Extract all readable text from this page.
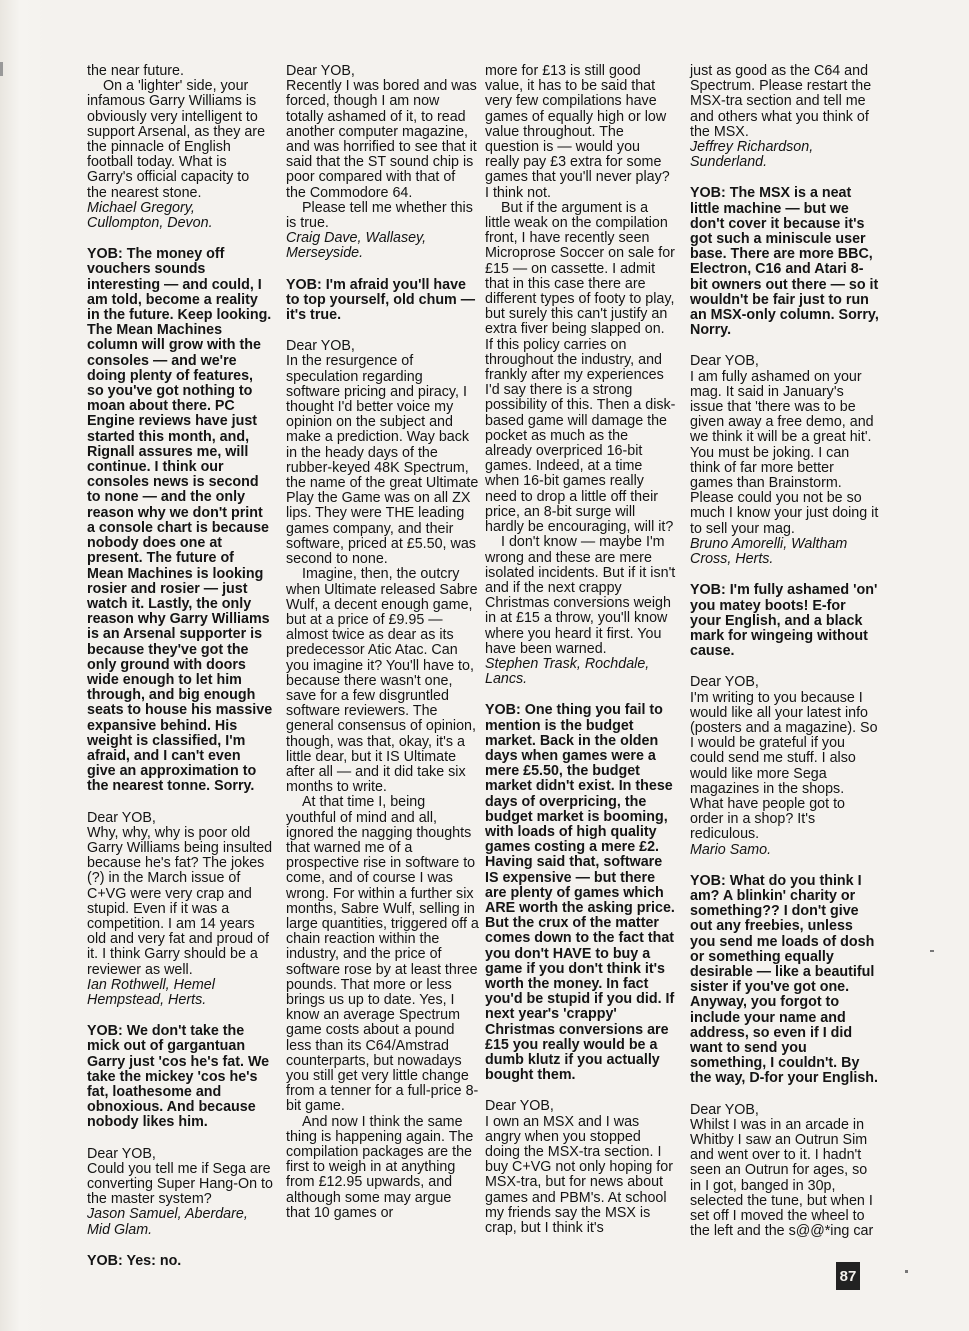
the near future.

On a 'lighter' side, your infamous Garry Williams is obviously very intelligent to support Arsenal, as they are the pinnacle of English football today. What is Garry's official capacity to the nearest stone.

Michael Gregory, Cullompton, Devon.

YOB: The money off vouchers sounds interesting — and could, I am told, become a reality in the future. Keep looking. The Mean Machines column will grow with the consoles — and we're doing plenty of features, so you've got nothing to moan about there. PC Engine reviews have just started this month, and, Rignall assures me, will continue. I think our consoles news is second to none — and the only reason why we don't print a console chart is because nobody does one at present. The future of Mean Machines is looking rosier and rosier — just watch it. Lastly, the only reason why Garry Williams is an Arsenal supporter is because they've got the only ground with doors wide enough to let him through, and big enough seats to house his massive expansive behind. His weight is classified, I'm afraid, and I can't even give an approximation to the nearest tonne. Sorry.

Dear YOB,

Why, why, why is poor old Garry Williams being insulted because he's fat? The jokes (?) in the March issue of C+VG were very crap and stupid. Even if it was a competition. I am 14 years old and very fat and proud of it. I think Garry should be a reviewer as well.

Ian Rothwell, Hemel Hempstead, Herts.

YOB: We don't take the mick out of gargantuan Garry just 'cos he's fat. We take the mickey 'cos he's fat, loathesome and obnoxious. And because nobody likes him.

Dear YOB,

Could you tell me if Sega are converting Super Hang-On to the master system?

Jason Samuel, Aberdare, Mid Glam.

YOB: Yes: no.

Dear YOB,

Recently I was bored and was forced, though I am now totally ashamed of it, to read another computer magazine, and was horrified to see that it said that the ST sound chip is poor compared with that of the Commodore 64.

Please tell me whether this is true.

Craig Dave, Wallasey, Merseyside.

YOB: I'm afraid you'll have to top yourself, old chum — it's true.

Dear YOB,

In the resurgence of speculation regarding software pricing and piracy, I thought I'd better voice my opinion on the subject and make a prediction. Way back in the heady days of the rubber-keyed 48K Spectrum, the name of the great Ultimate Play the Game was on all ZX lips. They were THE leading games company, and their software, priced at £5.50, was second to none.

Imagine, then, the outcry when Ultimate released Sabre Wulf, a decent enough game, but at a price of £9.95 — almost twice as dear as its predecessor Atic Atac. Can you imagine it? You'll have to, because there wasn't one, save for a few disgruntled software reviewers. The general consensus of opinion, though, was that, okay, it's a little dear, but it IS Ultimate after all — and it did take six months to write.

At that time I, being youthful of mind and all, ignored the nagging thoughts that warned me of a prospective rise in software to come, and of course I was wrong. For within a further six months, Sabre Wulf, selling in large quantities, triggered off a chain reaction within the industry, and the price of software rose by at least three pounds. That more or less brings us up to date. Yes, I know an average Spectrum game costs about a pound less than its C64/Amstrad counterparts, but nowadays you still get very little change from a tenner for a full-price 8-bit game.

And now I think the same thing is happening again. The compilation packages are the first to weigh in at anything from £12.95 upwards, and although some may argue that 10 games or

more for £13 is still good value, it has to be said that very few compilations have games of equally high or low value throughout. The question is — would you really pay £3 extra for some games that you'll never play? I think not.

But if the argument is a little weak on the compilation front, I have recently seen Microprose Soccer on sale for £15 — on cassette. I admit that in this case there are different types of footy to play, but surely this can't justify an extra fiver being slapped on. If this policy carries on throughout the industry, and frankly after my experiences I'd say there is a strong possibility of this. Then a disk-based game will damage the pocket as much as the already overpriced 16-bit games. Indeed, at a time when 16-bit games really need to drop a little off their price, an 8-bit surge will hardly be encouraging, will it?

I don't know — maybe I'm wrong and these are mere isolated incidents. But if it isn't and if the next crappy Christmas conversions weigh in at £15 a throw, you'll know where you heard it first. You have been warned.

Stephen Trask, Rochdale, Lancs.

YOB: One thing you fail to mention is the budget market. Back in the olden days when games were a mere £5.50, the budget market didn't exist. In these days of overpricing, the budget market is booming, with loads of high quality games costing a mere £2. Having said that, software IS expensive — but there are plenty of games which ARE worth the asking price. But the crux of the matter comes down to the fact that you don't HAVE to buy a game if you don't think it's worth the money. In fact you'd be stupid if you did. If next year's 'crappy' Christmas conversions are £15 you really would be a dumb klutz if you actually bought them.

Dear YOB,

I own an MSX and I was angry when you stopped doing the MSX-tra section. I buy C+VG not only hoping for MSX-tra, but for news about games and PBM's. At school my friends say the MSX is crap, but I think it's

just as good as the C64 and Spectrum. Please restart the MSX-tra section and tell me and others what you think of the MSX.

Jeffrey Richardson, Sunderland.

YOB: The MSX is a neat little machine — but we don't cover it because it's got such a miniscule user base. There are more BBC, Electron, C16 and Atari 8-bit owners out there — so it wouldn't be fair just to run an MSX-only column. Sorry, Norry.

Dear YOB,

I am fully ashamed on your mag. It said in January's issue that 'there was to be given away a free demo, and we think it will be a great hit'. You must be joking. I can think of far more better games than Brainstorm. Please could you not be so much I know your just doing it to sell your mag.

Bruno Amorelli, Waltham Cross, Herts.

YOB: I'm fully ashamed 'on' you matey boots! E-for your English, and a black mark for wingeing without cause.

Dear YOB,

I'm writing to you because I would like all your latest info (posters and a magazine). So I would be grateful if you could send me stuff. I also would like more Sega magazines in the shops. What have people got to order in a shop? It's rediculous.

Mario Samo.

YOB: What do you think I am? A blinkin' charity or something?? I don't give out any freebies, unless you send me loads of dosh or something equally desirable — like a beautiful sister if you've got one. Anyway, you forgot to include your name and address, so even if I did want to send you something, I couldn't. By the way, D-for your English.

Dear YOB,

Whilst I was in an arcade in Whitby I saw an Outrun Sim and went over to it. I hadn't seen an Outrun for ages, so in I got, banged in 30p, selected the tune, but when I set off I moved the wheel to the left and the s@@*ing car

87
